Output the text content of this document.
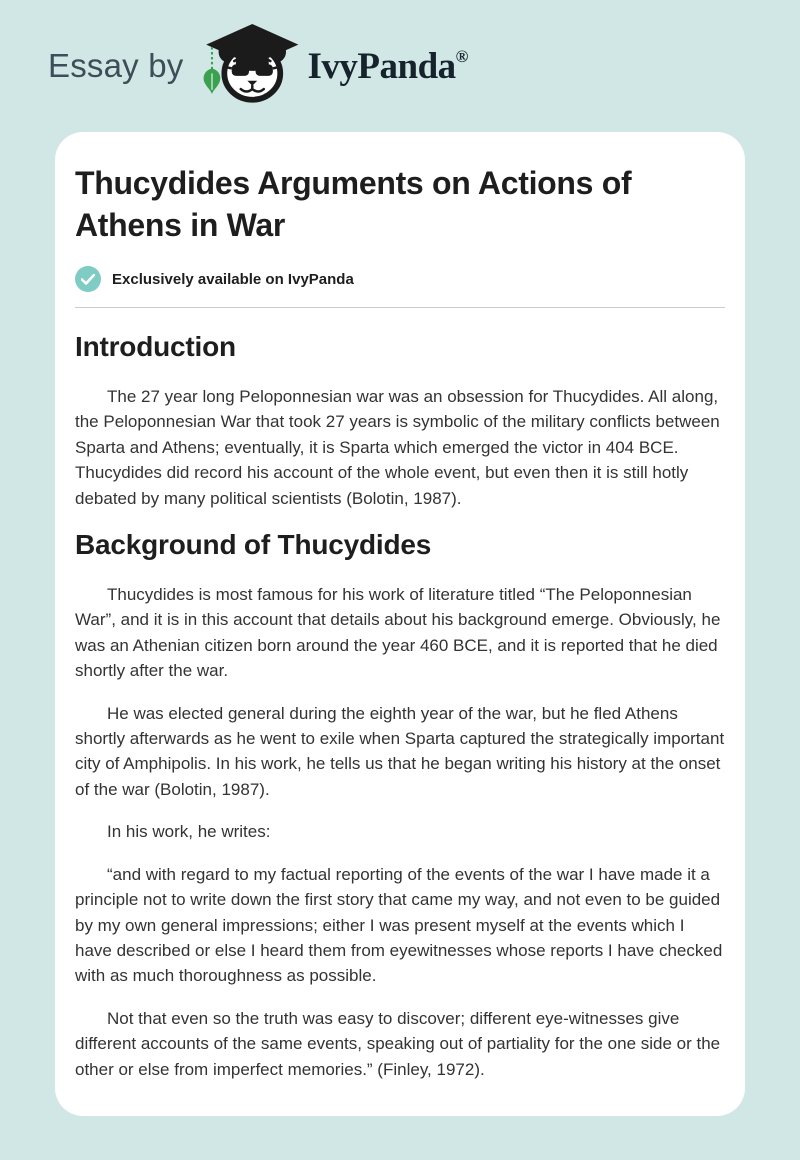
Essay by	IvyPanda®
Thucydides Arguments on Actions of Athens in War
Exclusively available on IvyPanda
Introduction

The 27 year long Peloponnesian war was an obsession for Thucydides. All along, the Peloponnesian War that took 27 years is symbolic of the military conflicts between Sparta and Athens; eventually, it is Sparta which emerged the victor in 404 BCE. Thucydides did record his account of the whole event, but even then it is still hotly debated by many political scientists (Bolotin, 1987).

Background of Thucydides

Thucydides is most famous for his work of literature titled “The Peloponnesian War”, and it is in this account that details about his background emerge. Obviously, he was an Athenian citizen born around the year 460 BCE, and it is reported that he died shortly after the war.

He was elected general during the eighth year of the war, but he fled Athens shortly afterwards as he went to exile when Sparta captured the strategically important city of Amphipolis. In his work, he tells us that he began writing his history at the onset of the war (Bolotin, 1987).

In his work, he writes:

“and with regard to my factual reporting of the events of the war I have made it a principle not to write down the first story that came my way, and not even to be guided by my own general impressions; either I was present myself at the events which I have described or else I heard them from eyewitnesses whose reports I have checked with as much thoroughness as possible.

Not that even so the truth was easy to discover; different eye-witnesses give different accounts of the same events, speaking out of partiality for the one side or the other or else from imperfect memories.” (Finley, 1972).
